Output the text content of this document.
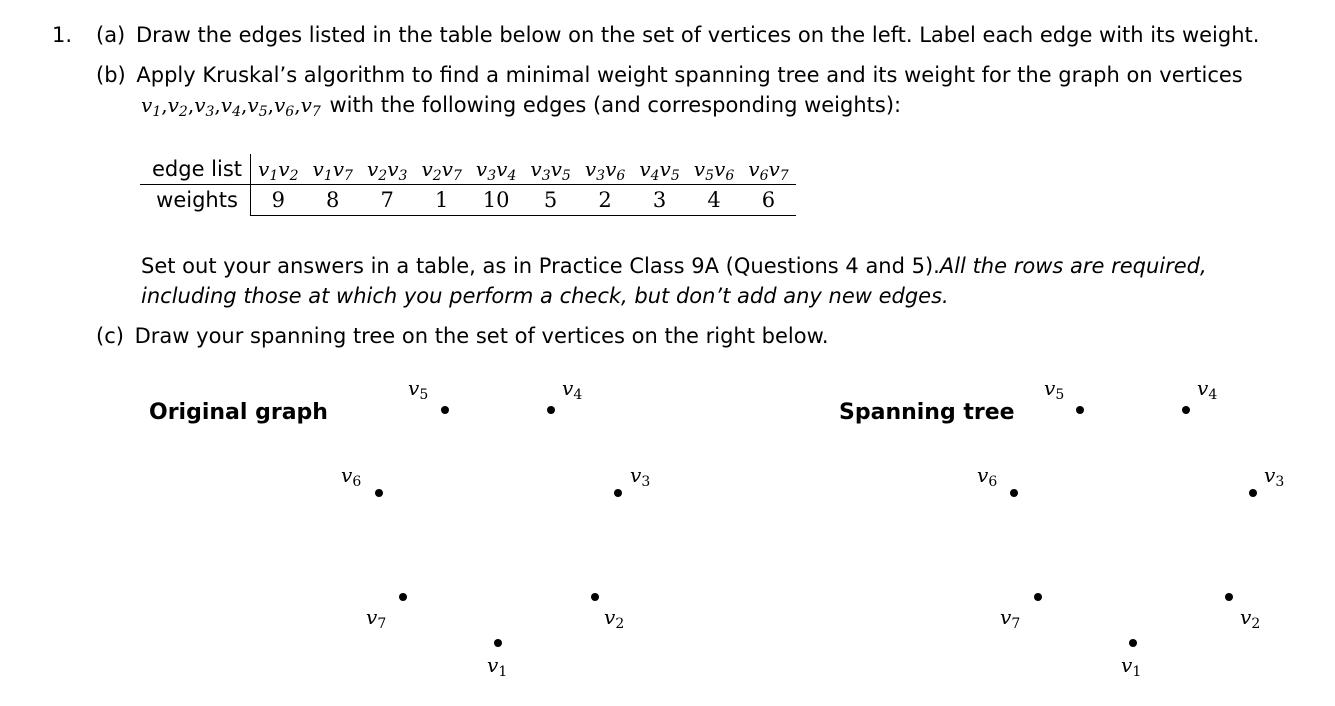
1. (a) Draw the edges listed in the table below on the set of vertices on the left. Label each edge with its weight.
(b) Apply Kruskal’s algorithm to find a minimal weight spanning tree and its weight for the graph on vertices
$v_1,v_2,v_3,v_4,v_5,v_6,v_7$ with the following edges (and corresponding weights):
edge list	$v_1v_2$	$v_1v_7$	$v_2v_3$	$v_2v_7$	$v_3v_4$	$v_3v_5$	$v_3v_6$	$v_4v_5$	$v_5v_6$	$v_6v_7$
weights	9	8	7	1	10	5	2	3	4	6
Set out your answers in a table, as in Practice Class 9A (Questions 4 and 5).All the rows are required,
including those at which you perform a check, but don’t add any new edges.
(c) Draw your spanning tree on the set of vertices on the right below.
Original graph	Spanning tree
$v_5$	$v_4$
$v_6$	$v_3$
$v_7$	$v_2$
$v_1$
$v_5$	$v_4$
$v_6$	$v_3$
$v_7$	$v_2$
$v_1$
